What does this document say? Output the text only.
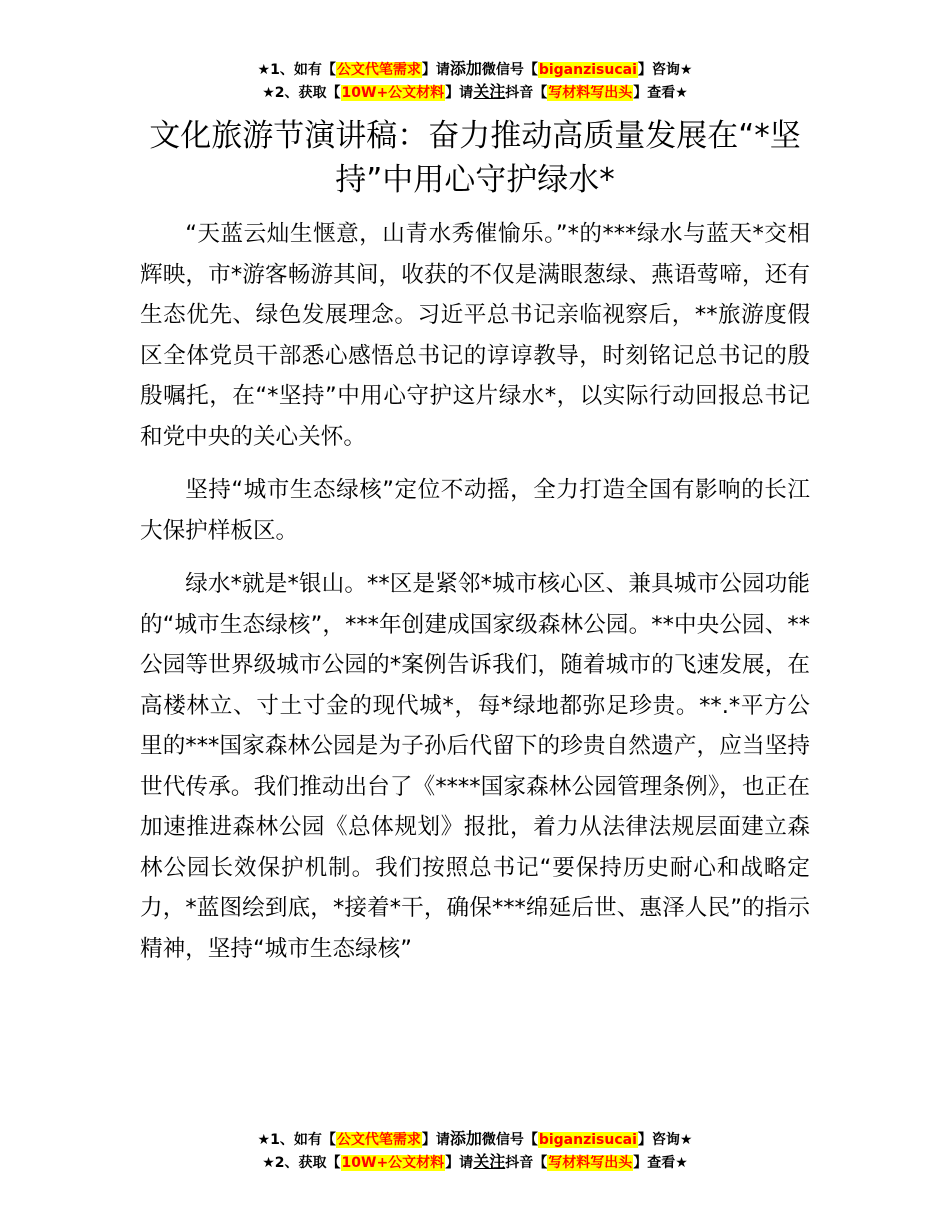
★1、如有【公文代笔需求】请添加微信号【biganzisucai】咨询★
★2、获取【10W+公文材料】请关注抖音【写材料写出头】查看★
文化旅游节演讲稿：奋力推动高质量发展在“*坚持”中用心守护绿水*

“天蓝云灿生惬意，山青水秀催愉乐。”*的***绿水与蓝天*交相辉映，市*游客畅游其间，收获的不仅是满眼葱绿、燕语莺啼，还有生态优先、绿色发展理念。习近平总书记亲临视察后，**旅游度假区全体党员干部悉心感悟总书记的谆谆教导，时刻铭记总书记的殷殷嘱托，在“*坚持”中用心守护这片绿水*，以实际行动回报总书记和党中央的关心关怀。

坚持“城市生态绿核”定位不动摇，全力打造全国有影响的长江大保护样板区。

绿水*就是*银山。**区是紧邻*城市核心区、兼具城市公园功能的“城市生态绿核”，***年创建成国家级森林公园。**中央公园、**公园等世界级城市公园的*案例告诉我们，随着城市的飞速发展，在高楼林立、寸土寸金的现代城*，每*绿地都弥足珍贵。**.*平方公里的***国家森林公园是为子孙后代留下的珍贵自然遗产，应当坚持世代传承。我们推动出台了《****国家森林公园管理条例》，也正在加速推进森林公园《总体规划》报批，着力从法律法规层面建立森林公园长效保护机制。我们按照总书记“要保持历史耐心和战略定力，*蓝图绘到底，*接着*干，确保***绵延后世、惠泽人民”的指示精神，坚持“城市生态绿核”

★1、如有【公文代笔需求】请添加微信号【biganzisucai】咨询★
★2、获取【10W+公文材料】请关注抖音【写材料写出头】查看★
